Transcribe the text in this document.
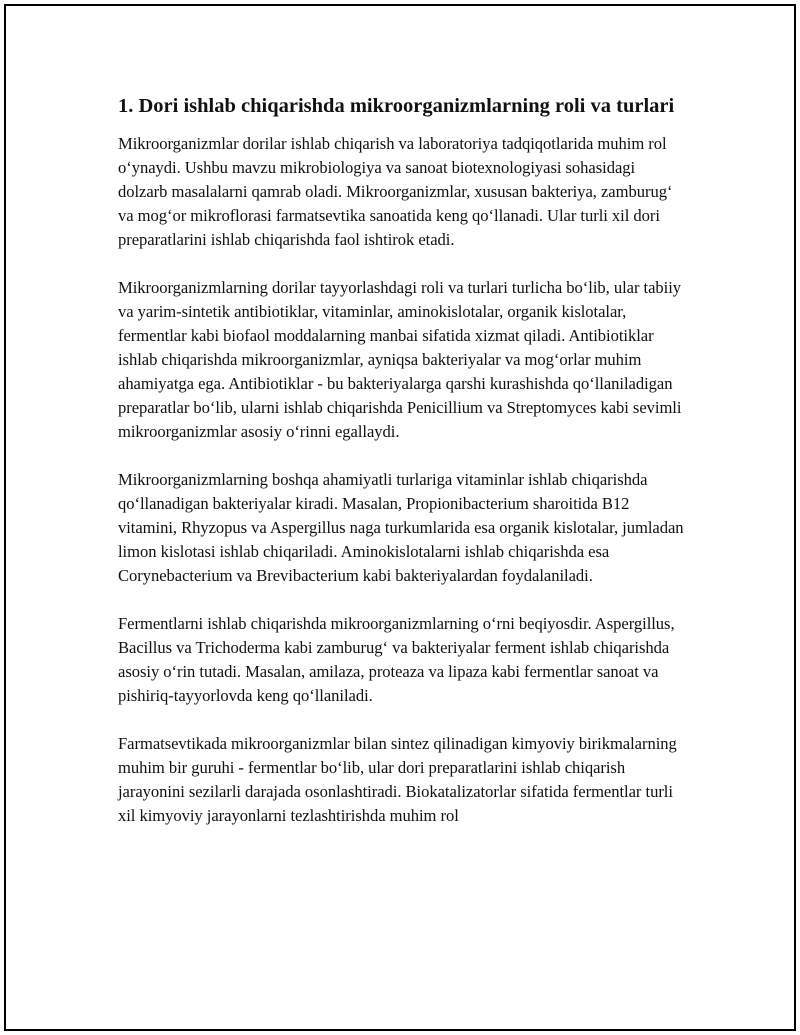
1. Dori ishlab chiqarishda mikroorganizmlarning roli va turlari

Mikroorganizmlar dorilar ishlab chiqarish va laboratoriya tadqiqotlarida muhim rol o‘ynaydi. Ushbu mavzu mikrobiologiya va sanoat biotexnologiyasi sohasidagi dolzarb masalalarni qamrab oladi. Mikroorganizmlar, xususan bakteriya, zamburug‘ va mog‘or mikroflorasi farmatsevtika sanoatida keng qo‘llanadi. Ular turli xil dori preparatlarini ishlab chiqarishda faol ishtirok etadi.

Mikroorganizmlarning dorilar tayyorlashdagi roli va turlari turlicha bo‘lib, ular tabiiy va yarim-sintetik antibiotiklar, vitaminlar, aminokislotalar, organik kislotalar, fermentlar kabi biofaol moddalarning manbai sifatida xizmat qiladi. Antibiotiklar ishlab chiqarishda mikroorganizmlar, ayniqsa bakteriyalar va mog‘orlar muhim ahamiyatga ega. Antibiotiklar - bu bakteriyalarga qarshi kurashishda qo‘llaniladigan preparatlar bo‘lib, ularni ishlab chiqarishda Penicillium va Streptomyces kabi sevimli mikroorganizmlar asosiy o‘rinni egallaydi.

Mikroorganizmlarning boshqa ahamiyatli turlariga vitaminlar ishlab chiqarishda qo‘llanadigan bakteriyalar kiradi. Masalan, Propionibacterium sharoitida B12 vitamini, Rhyzopus va Aspergillus naga turkumlarida esa organik kislotalar, jumladan limon kislotasi ishlab chiqariladi. Aminokislotalarni ishlab chiqarishda esa Corynebacterium va Brevibacterium kabi bakteriyalardan foydalaniladi.

Fermentlarni ishlab chiqarishda mikroorganizmlarning o‘rni beqiyosdir. Aspergillus, Bacillus va Trichoderma kabi zamburug‘ va bakteriyalar ferment ishlab chiqarishda asosiy o‘rin tutadi. Masalan, amilaza, proteaza va lipaza kabi fermentlar sanoat va pishiriq-tayyorlovda keng qo‘llaniladi.

Farmatsevtikada mikroorganizmlar bilan sintez qilinadigan kimyoviy birikmalarning muhim bir guruhi - fermentlar bo‘lib, ular dori preparatlarini ishlab chiqarish jarayonini sezilarli darajada osonlashtiradi. Biokatalizatorlar sifatida fermentlar turli xil kimyoviy jarayonlarni tezlashtirishda muhim rol
